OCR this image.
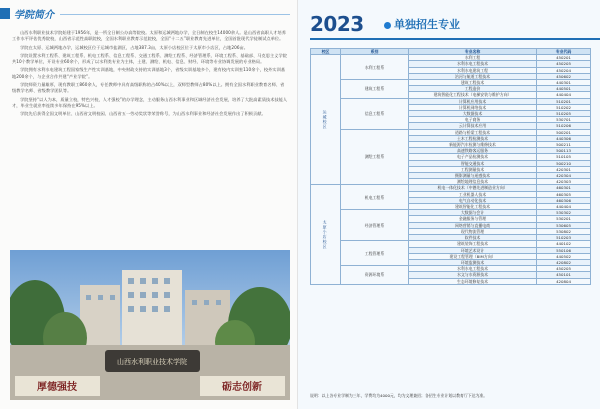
学院简介

山西水利职业技术学院始建于1956年，是一所全日制公办高等院校。太原和运城两地办学，全日制在校生14000余人。是山西省高职人才培养工作水平评估优秀院校，山西省示范性高职院校，全国水利职业教育示范院校，全国“十二五”职业教育先进单位，全国首批现代学徒制试点单位。

学院在太原、运城两地办学，运城校区位于运城市盐湖区，占地387.3亩，太原小店校区位于太原市小店区，占地206亩。

学院设置水利工程系、建筑工程系、机电工程系、信息工程系、交通工程系、测绘工程系、经济管理系、环境工程系、基础部、马克思主义学院共10个教学单位，开设专业60余个，形成了以水利类专业为主体，土建、测绘、机电、信息、财经、环境等专业协调发展的专业格局。

学院拥有水利水电建筑工程国家级生产性实训基地，中央财政支持的实训基地3个，省级实训基地多个，建有校内实训室110余个，校外实训基地200余个，与企业合作共建“产业学院”。

学院师资力量雄厚，现有教职工860余人，专任教师中具有高级职称的占40%以上，双师型教师占80%以上。拥有全国水利职业教育名师、省级教学名师、省级教学团队等。

学院坚持“以人为本，质量立校，特色兴校，人才强校”的办学理念，主动服务山西水利事业和区域经济社会发展，培养了大批高素质技术技能人才，毕业生就业率连续多年保持在95%以上。

学院先后获得全国文明单位、山西省文明校园、山西省五一劳动奖状等荣誉称号，为山西水利事业和经济社会发展作出了积极贡献。

山西水利职业技术学院
厚德强技	砺志创新
2023	单独招生专业
校区	系别	专业名称	专业代码
运城校区	水利工程系	水利工程	450201
		水利水电工程技术	450205
		水利水电建筑工程	450204
		治河与航道工程技术	450602
	建筑工程系	建筑工程技术	440301
		工程造价	440501
		建筑智能化工程技术（电梯安装与维护方向）	440404
	信息工程系	计算机应用技术	510201
		计算机网络技术	510202
		大数据技术	510205
		电子商务	530701
		云计算技术应用	510206
	测绘工程系	道路与桥梁工程技术	500201
		土木工程检测技术	440306
		新能源汽车检测与维修技术	500211
		高速铁路客运服务	500113
		电子产品检测技术	510105
		智能交通技术	500210
		工程测量技术	420301
		摄影测量与遥感技术	420304
		测绘地理信息技术	420303
太原小店校区	机电工程系	机电一体化技术（中德先进制造业方向）	460301
		工业机器人技术	460305
		电气自动化技术	460306
		建筑智能化工程技术	440404
	经济管理系	大数据与会计	530302
		金融服务与管理	530201
		网络营销与直播电商	530605
		现代物流管理	530802
		软件技术	510203
	工程管理系	建筑装饰工程技术	440102
		环境艺术设计	550106
		建设工程管理（BIM方向）	440502
		环境监测技术	420802
	资源环境系	水利水电工程技术	450205
		水文与水资源技术	450101
		生态环境修复技术	420804
说明：以上各专业学制为三年，学费均为4000元，均为文理兼招；各招生专业计划以教育厅下达为准。
